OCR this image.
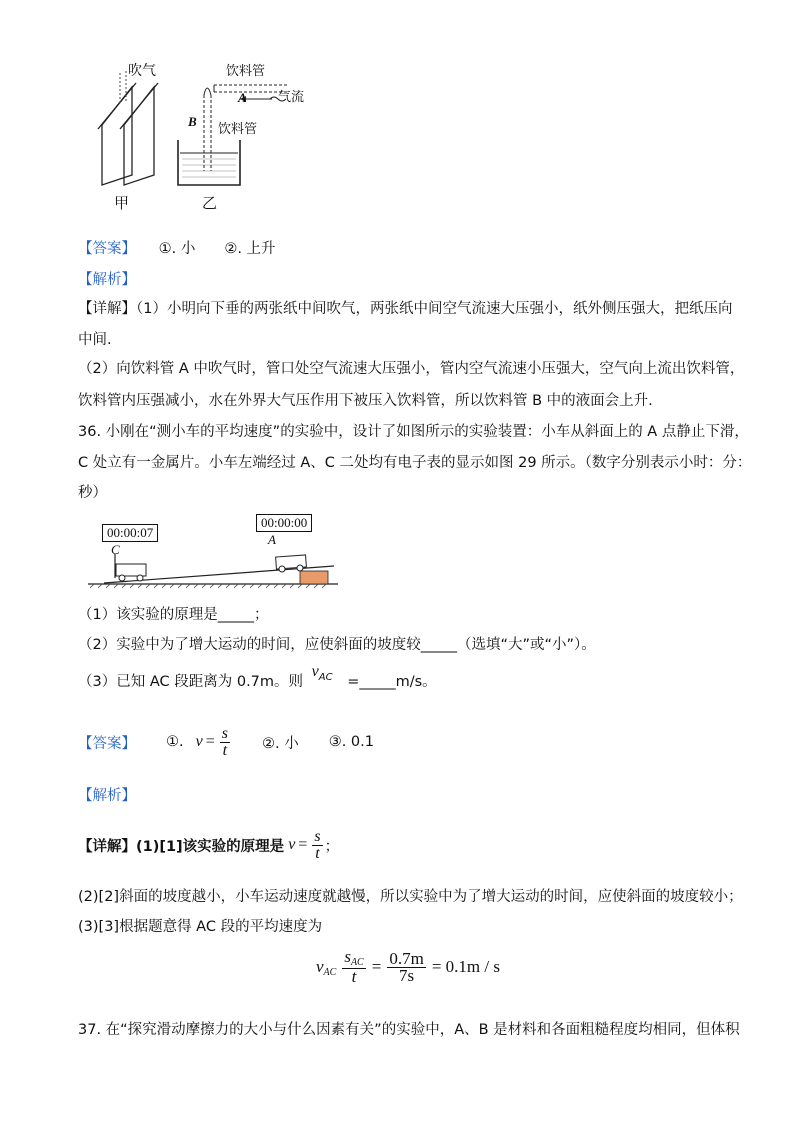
吹气	饮料管
A 气流
B
饮料管
甲	乙
【答案】 ①. 小　　②. 上升
【解析】
【详解】（1）小明向下垂的两张纸中间吹气，两张纸中间空气流速大压强小，纸外侧压强大，把纸压向
中间.
（2）向饮料管 A 中吹气时，管口处空气流速大压强小，管内空气流速小压强大，空气向上流出饮料管，
饮料管内压强减小，水在外界大气压作用下被压入饮料管，所以饮料管 B 中的液面会上升.
36. 小刚在“测小车的平均速度”的实验中，设计了如图所示的实验装置：小车从斜面上的 A 点静止下滑，
C 处立有一金属片。小车左端经过 A、C 二处均有电子表的显示如图 29 所示。（数字分别表示小时：分：
秒）
00:00:07
00:00:00
C
A
（1）该实验的原理是_____；
（2）实验中为了增大运动的时间，应使斜面的坡度较_____（选填“大”或“小”）。
（3）已知 AC 段距离为 0.7m。则 $v^{AC}$ =_____m/s。
【答案】 ①. $v = \frac{s}{t}$ ②. 小 ③. 0.1
【解析】
【详解】 (1)[1]该实验的原理是 $v = \frac{s}{t}$ ；
(2)[2]斜面的坡度越小，小车运动速度就越慢，所以实验中为了增大运动的时间，应使斜面的坡度较小；
(3)[3]根据题意得 AC 段的平均速度为
v AC $\frac{\text{sAC}}{t} = \frac{0.7m}{7s} = 0.1m / s$
37. 在“探究滑动摩擦力的大小与什么因素有关”的实验中，A、B 是材料和各面粗糙程度均相同，但体积
